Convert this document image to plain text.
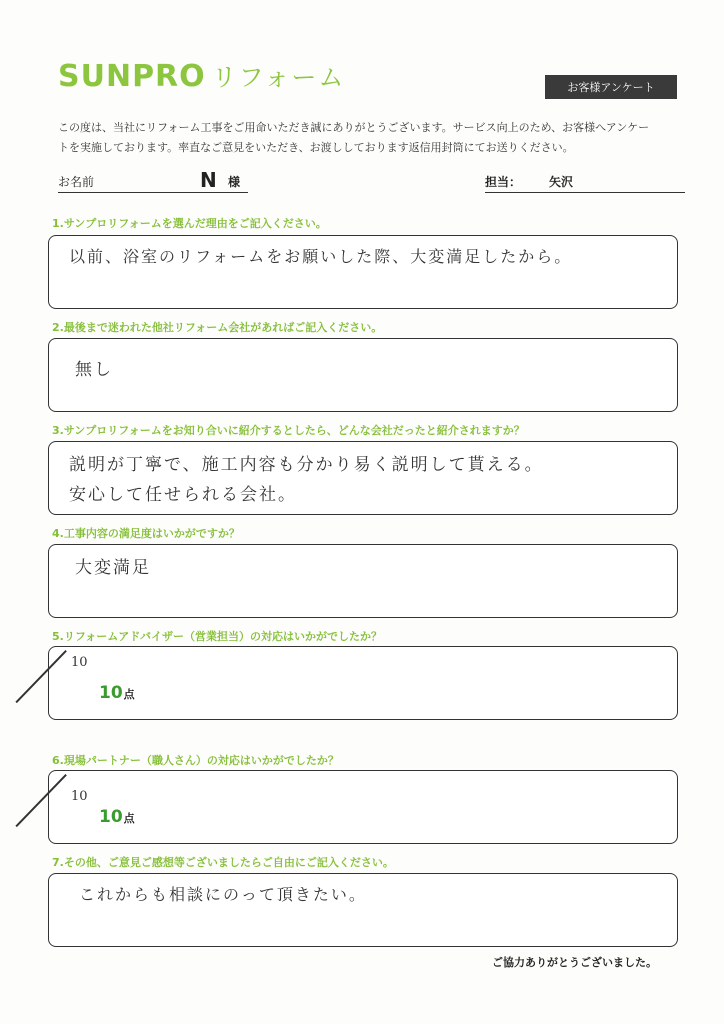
SUNPRO リフォーム	お客様アンケート
この度は、当社にリフォーム工事をご用命いただき誠にありがとうございます。サービス向上のため、お客様へアンケー
トを実施しております。率直なご意見をいただき、お渡ししております返信用封筒にてお送りください。
お名前	N 様	担当： 矢沢
1.サンプロリフォームを選んだ理由をご記入ください。
以前、浴室のリフォームをお願いした際、大変満足したから。
2.最後まで迷われた他社リフォーム会社があればご記入ください。
無し
3.サンプロリフォームをお知り合いに紹介するとしたら、どんな会社だったと紹介されますか？
説明が丁寧で、施工内容も分かり易く説明して貰える。
安心して任せられる会社。
4.工事内容の満足度はいかがですか？
大変満足
5.リフォームアドバイザー（営業担当）の対応はいかがでしたか？
10
10点
6.現場パートナー（職人さん）の対応はいかがでしたか？
10
10点
7.その他、ご意見ご感想等ございましたらご自由にご記入ください。
これからも相談にのって頂きたい。
ご協力ありがとうございました。
